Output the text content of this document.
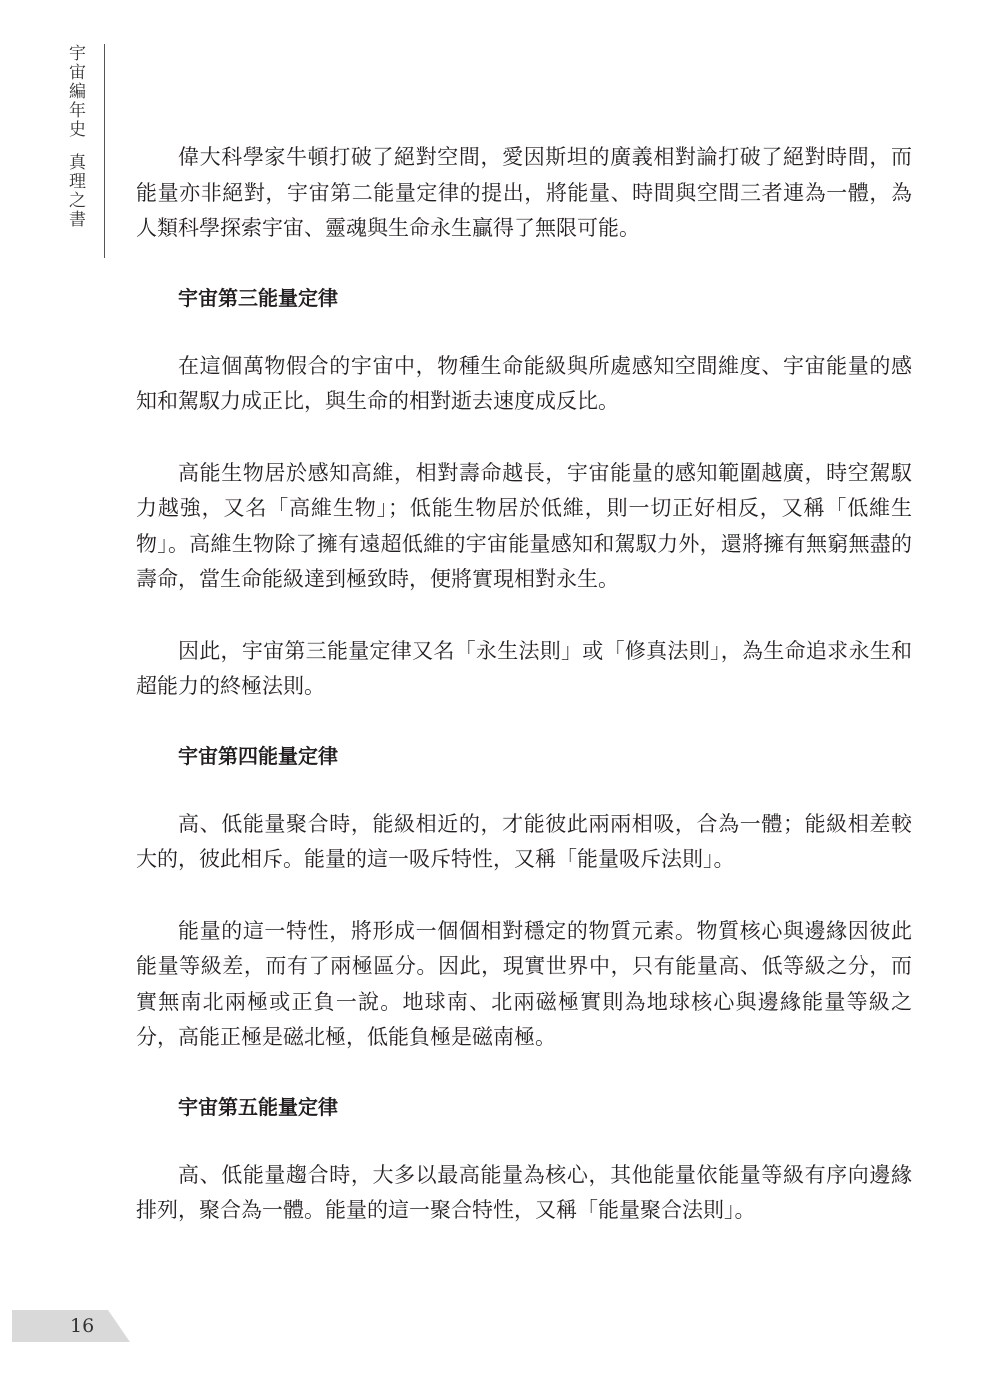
宇宙編年史真理之書	偉大科學家牛頓打破了絕對空間，愛因斯坦的廣義相對論打破了絕對時間，而能量亦非絕對，宇宙第二能量定律的提出，將能量、時間與空間三者連為一體，為人類科學探索宇宙、靈魂與生命永生贏得了無限可能。

宇宙第三能量定律

在這個萬物假合的宇宙中，物種生命能級與所處感知空間維度、宇宙能量的感知和駕馭力成正比，與生命的相對逝去速度成反比。

高能生物居於感知高維，相對壽命越長，宇宙能量的感知範圍越廣，時空駕馭力越強，又名「高維生物」；低能生物居於低維，則一切正好相反，又稱「低維生物」。高維生物除了擁有遠超低維的宇宙能量感知和駕馭力外，還將擁有無窮無盡的壽命，當生命能級達到極致時，便將實現相對永生。

因此，宇宙第三能量定律又名「永生法則」或「修真法則」，為生命追求永生和超能力的終極法則。

宇宙第四能量定律

高、低能量聚合時，能級相近的，才能彼此兩兩相吸，合為一體；能級相差較大的，彼此相斥。能量的這一吸斥特性，又稱「能量吸斥法則」。

能量的這一特性，將形成一個個相對穩定的物質元素。物質核心與邊緣因彼此能量等級差，而有了兩極區分。因此，現實世界中，只有能量高、低等級之分，而實無南北兩極或正負一說。地球南、北兩磁極實則為地球核心與邊緣能量等級之分，高能正極是磁北極，低能負極是磁南極。

宇宙第五能量定律

高、低能量趨合時，大多以最高能量為核心，其他能量依能量等級有序向邊緣排列，聚合為一體。能量的這一聚合特性，又稱「能量聚合法則」。

16
